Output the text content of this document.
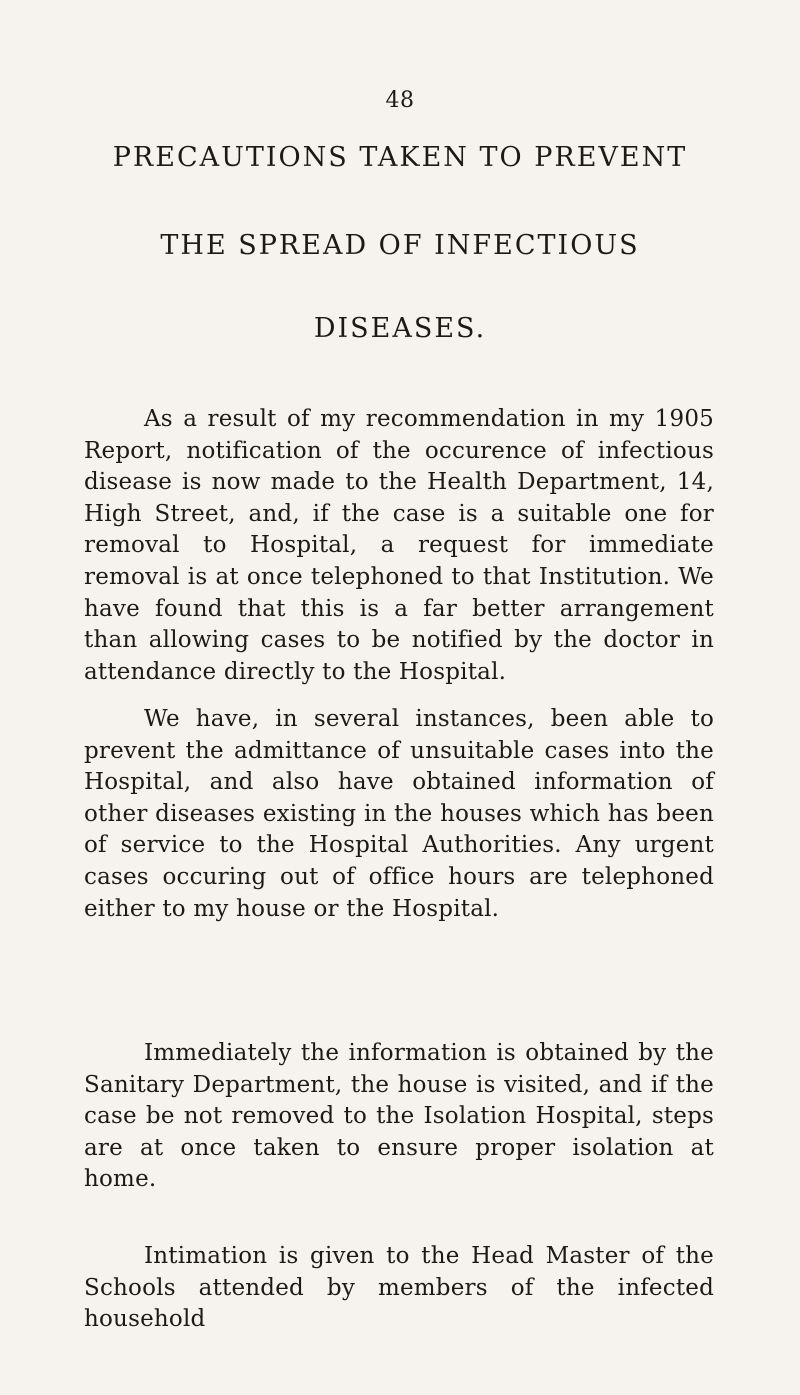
48
PRECAUTIONS TAKEN TO PREVENT
THE SPREAD OF INFECTIOUS
DISEASES.

As a result of my recommendation in my 1905 Report, notification of the occurence of infectious disease is now made to the Health Department, 14, High Street, and, if the case is a suitable one for removal to Hospital, a request for immediate removal is at once telephoned to that Institution. We have found that this is a far better arrangement than allowing cases to be notified by the doctor in attendance directly to the Hospital.

We have, in several instances, been able to prevent the admittance of unsuitable cases into the Hospital, and also have obtained information of other diseases existing in the houses which has been of service to the Hospital Authorities. Any urgent cases occuring out of office hours are telephoned either to my house or the Hospital.

Immediately the information is obtained by the Sanitary Department, the house is visited, and if the case be not removed to the Isolation Hospital, steps are at once taken to ensure proper isolation at home.

Intimation is given to the Head Master of the Schools attended by members of the infected household
